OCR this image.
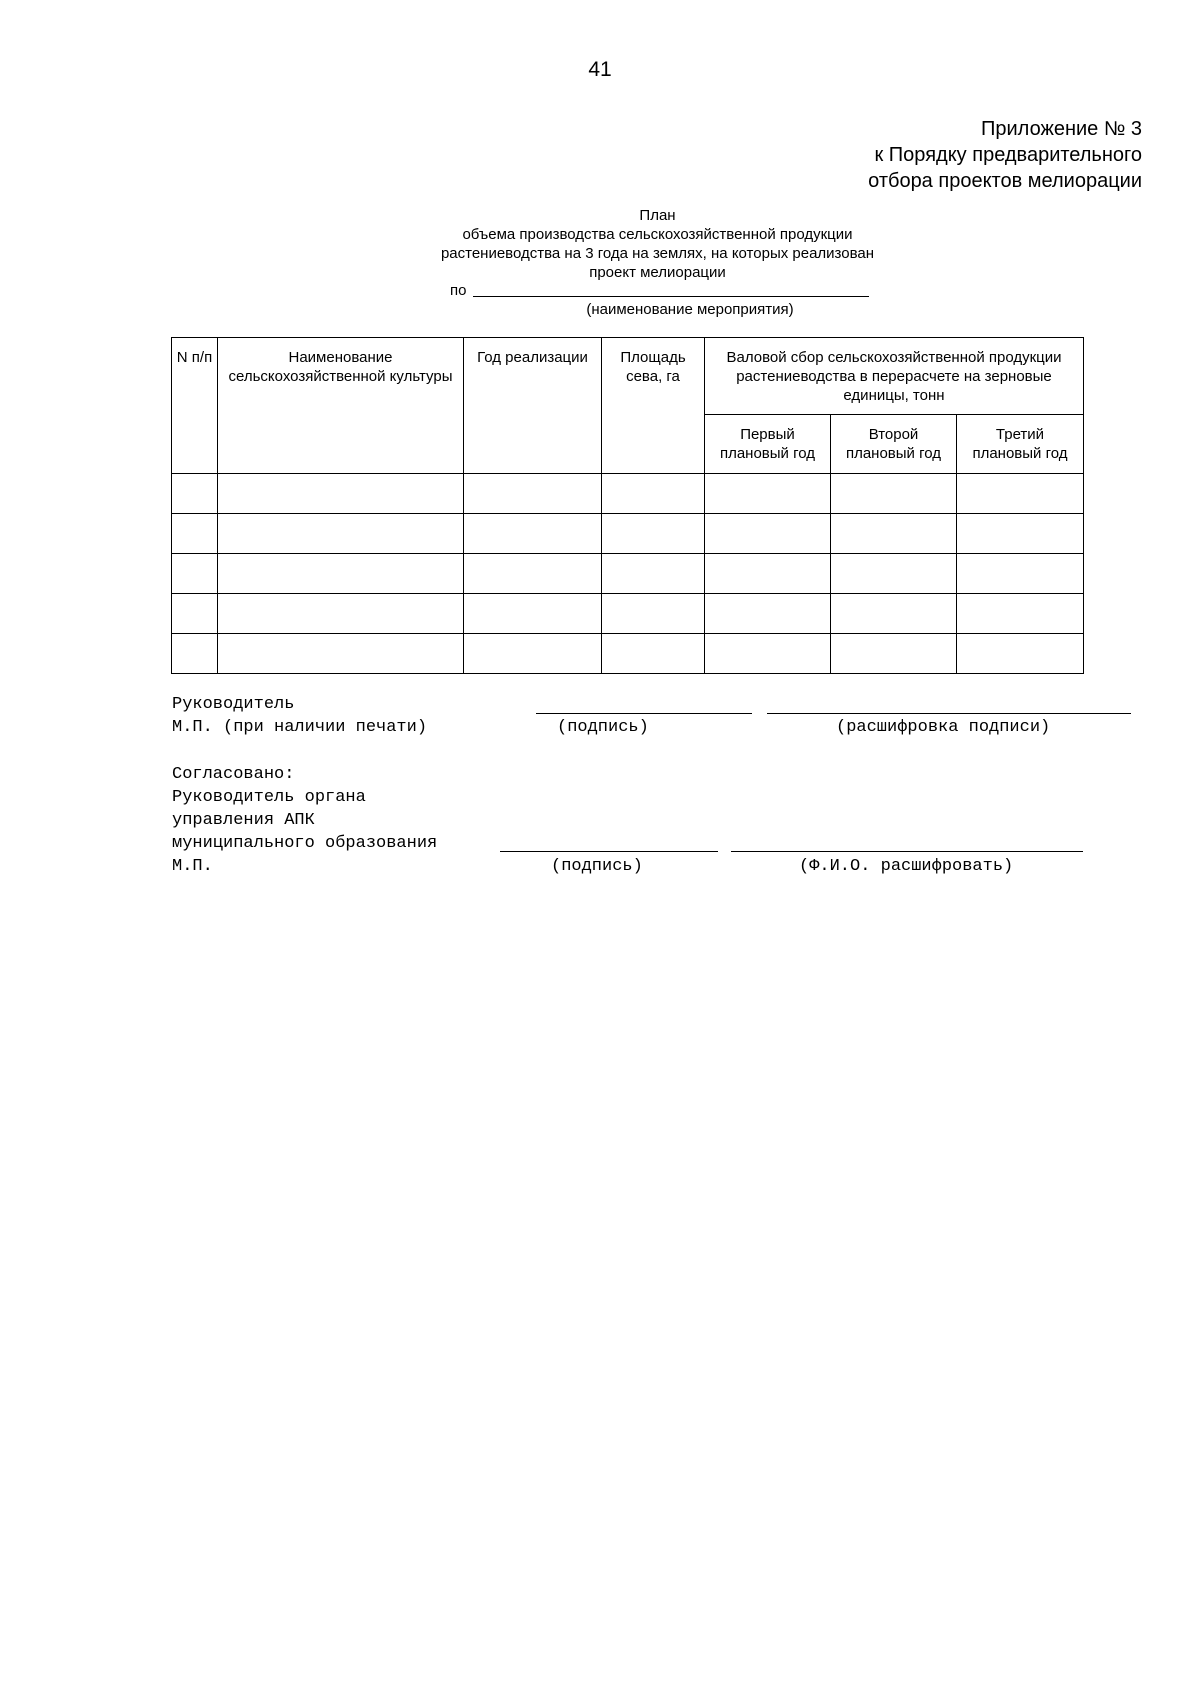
41
Приложение № 3
к Порядку предварительного
отбора проектов мелиорации
План
объема производства сельскохозяйственной продукции
растениеводства на 3 года на землях, на которых реализован
проект мелиорации
по
(наименование мероприятия)
N п/п	Наименование сельскохозяйственной культуры	Год реализации	Площадь сева, га	Валовой сбор сельскохозяйственной продукции растениеводства в перерасчете на зерновые единицы, тонн		
				Первый плановый год	Второй плановый год	Третий плановый год

Руководитель
М.П. (при наличии печати)	(подпись)	(расшифровка подписи)
Согласовано:
Руководитель органа
управления АПК
муниципального образования
М.П.	(подпись)	(Ф.И.О. расшифровать)
